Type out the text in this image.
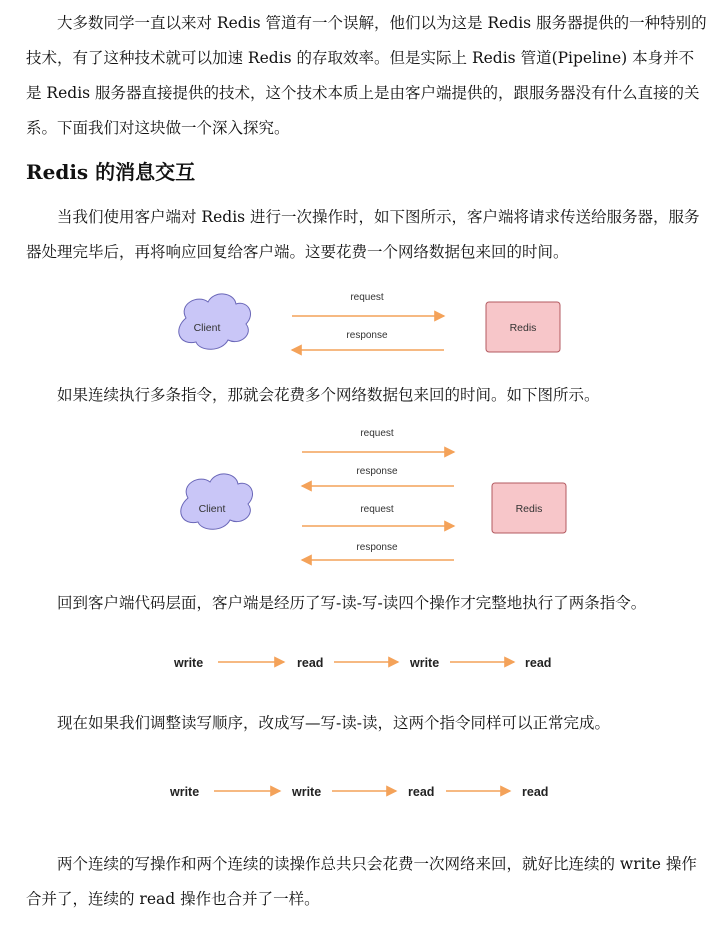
大多数同学一直以来对 Redis 管道有一个误解，他们以为这是 Redis 服务器提供的一种特别的技术，有了这种技术就可以加速 Redis 的存取效率。但是实际上 Redis 管道(Pipeline) 本身并不是 Redis 服务器直接提供的技术，这个技术本质上是由客户端提供的，跟服务器没有什么直接的关系。下面我们对这块做一个深入探究。

Redis 的消息交互

当我们使用客户端对 Redis 进行一次操作时，如下图所示，客户端将请求传送给服务器，服务器处理完毕后，再将响应回复给客户端。这要花费一个网络数据包来回的时间。

Client
request
response
Redis

如果连续执行多条指令，那就会花费多个网络数据包来回的时间。如下图所示。

Client
request
response
request
response
Redis

回到客户端代码层面，客户端是经历了写-读-写-读四个操作才完整地执行了两条指令。

write	read	write	read

现在如果我们调整读写顺序，改成写—写-读-读，这两个指令同样可以正常完成。

write	write	read	read

两个连续的写操作和两个连续的读操作总共只会花费一次网络来回，就好比连续的 write 操作合并了，连续的 read 操作也合并了一样。
